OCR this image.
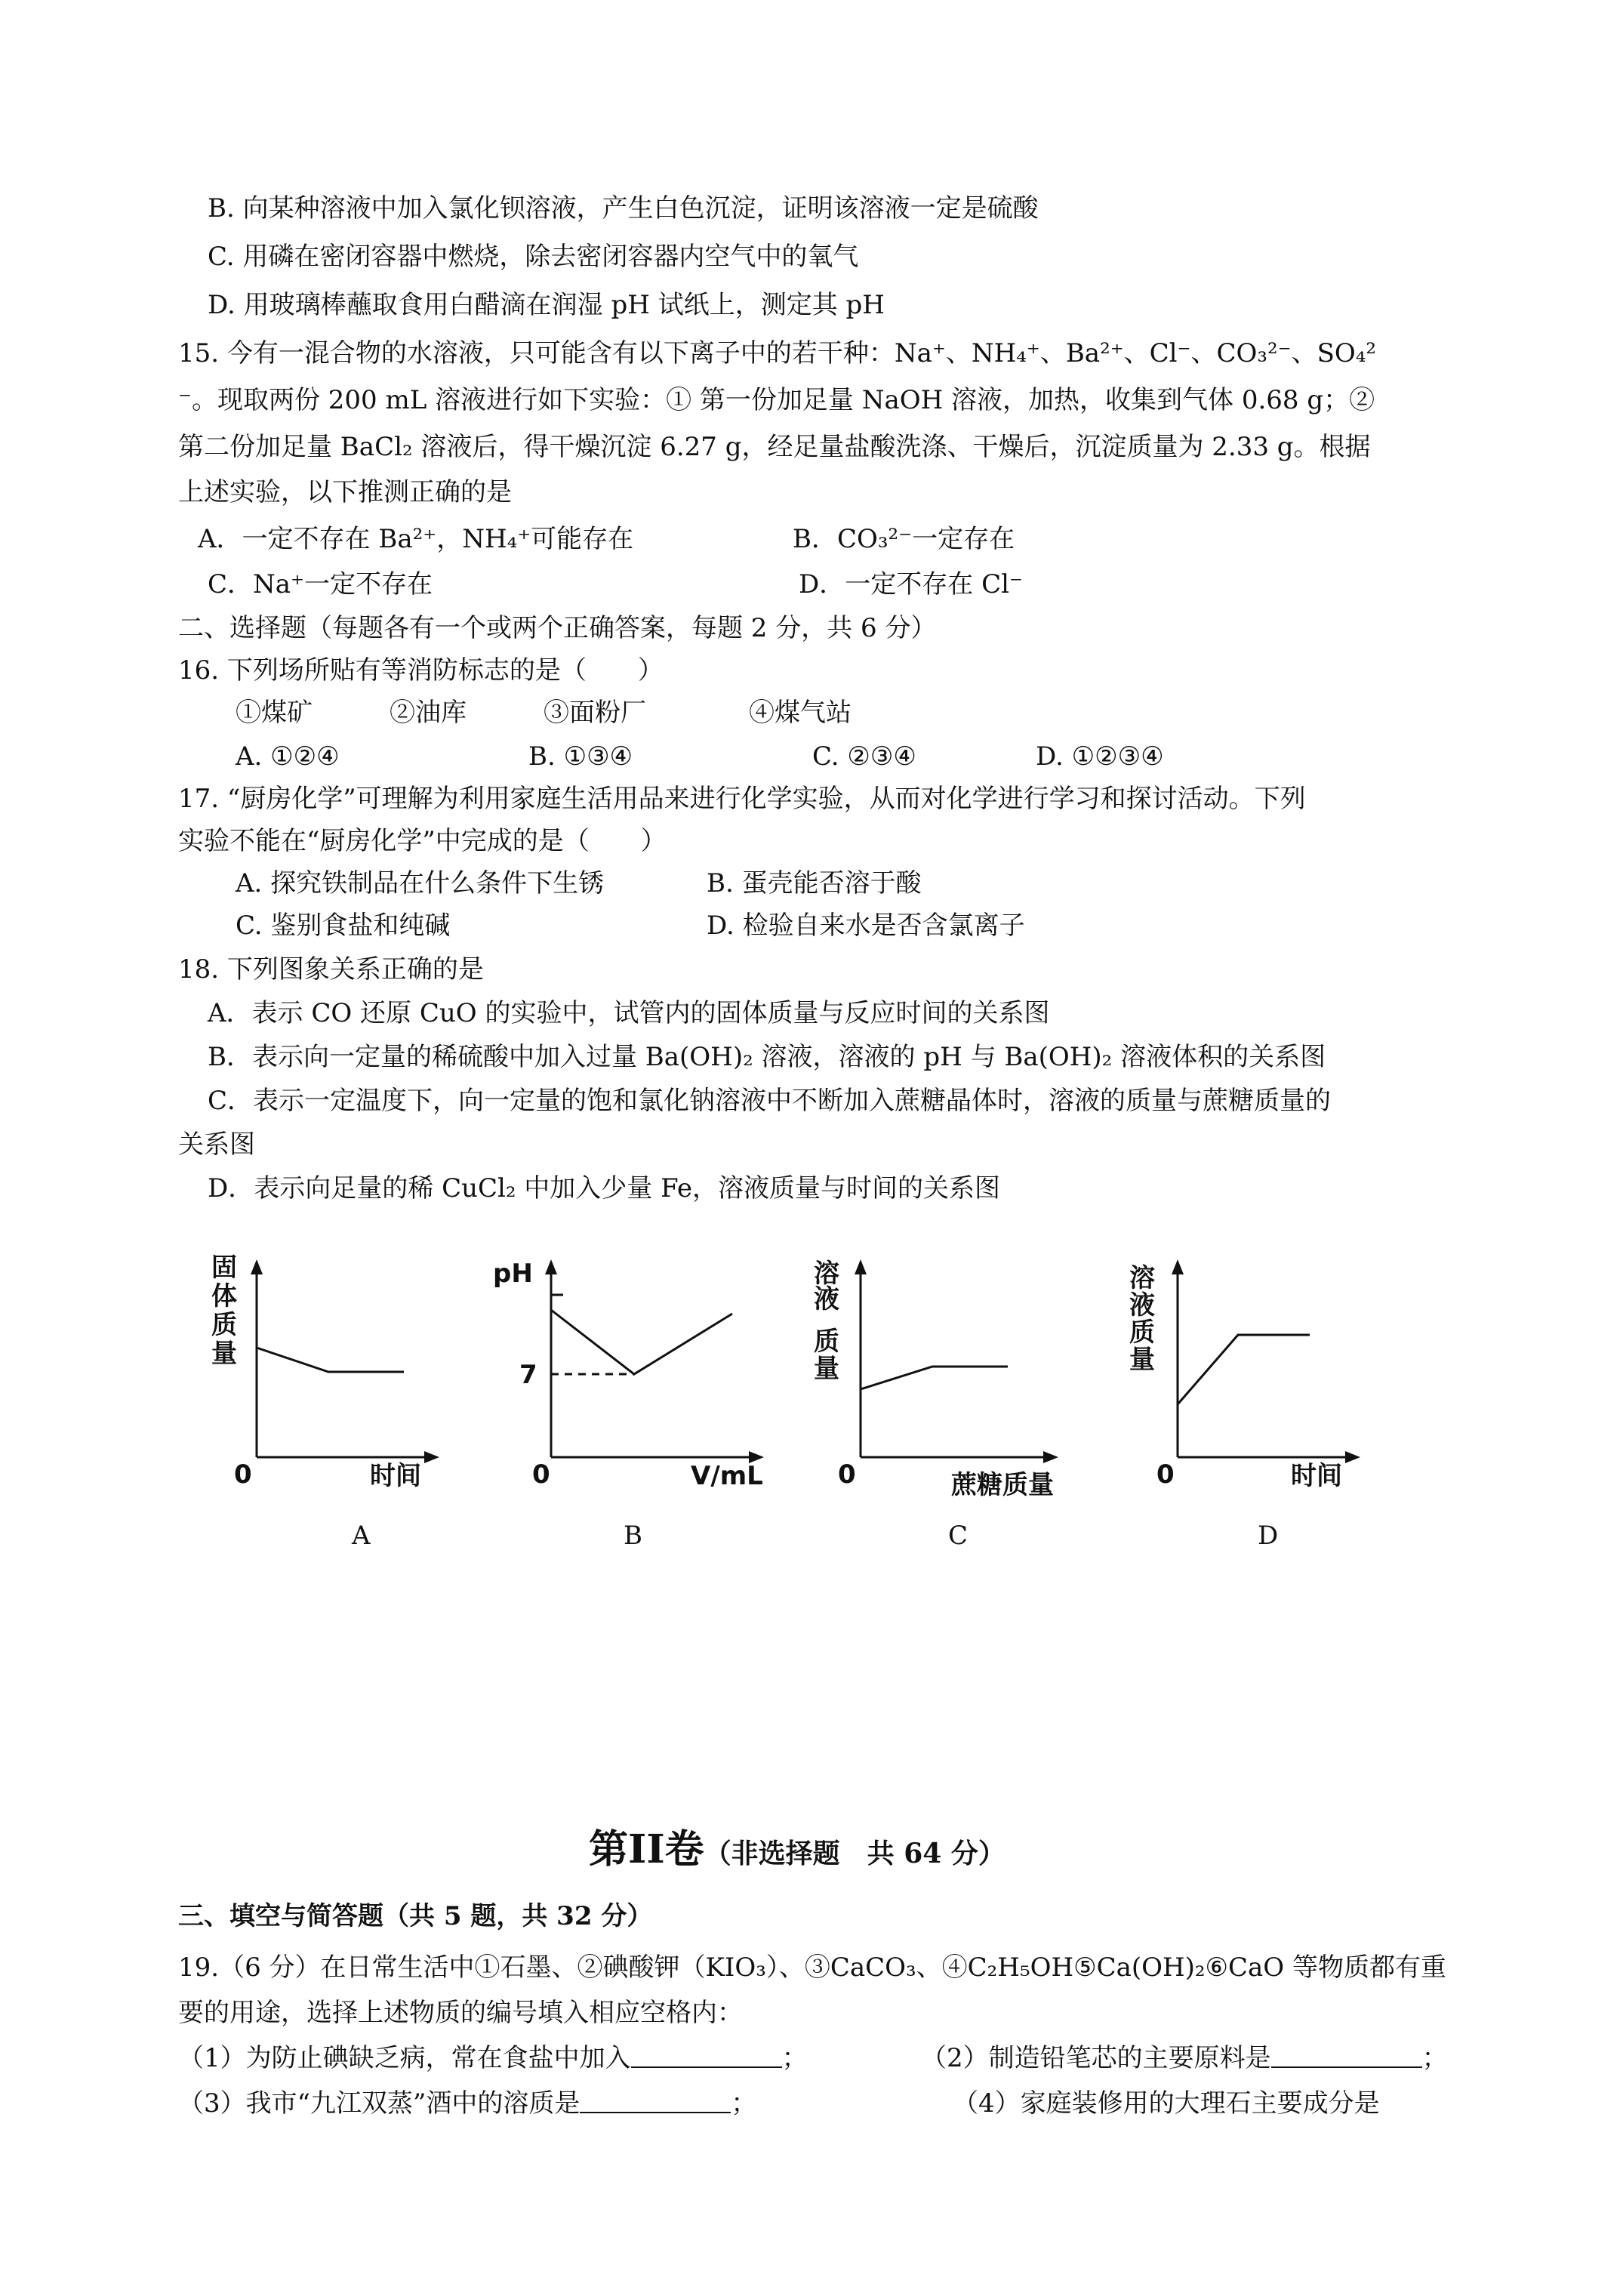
B. 向某种溶液中加入氯化钡溶液，产生白色沉淀，证明该溶液一定是硫酸
C. 用磷在密闭容器中燃烧，除去密闭容器内空气中的氧气
D. 用玻璃棒蘸取食用白醋滴在润湿 pH 试纸上，测定其 pH
15. 今有一混合物的水溶液，只可能含有以下离子中的若干种：Na⁺、NH₄⁺、Ba²⁺、Cl⁻、CO₃²⁻、SO₄²
⁻。现取两份 200 mL 溶液进行如下实验：① 第一份加足量 NaOH 溶液，加热，收集到气体 0.68 g；②
第二份加足量 BaCl₂ 溶液后，得干燥沉淀 6.27 g，经足量盐酸洗涤、干燥后，沉淀质量为 2.33 g。根据
上述实验，以下推测正确的是
A．一定不存在 Ba²⁺，NH₄⁺可能存在	B．CO₃²⁻一定存在
C．Na⁺一定不存在	D．一定不存在 Cl⁻
二、选择题（每题各有一个或两个正确答案，每题 2 分，共 6 分）
16. 下列场所贴有等消防标志的是（　　）
①煤矿　　　②油库　　　③面粉厂　　　　④煤气站
A. ①②④	B. ①③④	C. ②③④	D. ①②③④
17. “厨房化学”可理解为利用家庭生活用品来进行化学实验，从而对化学进行学习和探讨活动。下列
实验不能在“厨房化学”中完成的是（　　）
A. 探究铁制品在什么条件下生锈	B. 蛋壳能否溶于酸
C. 鉴别食盐和纯碱	D. 检验自来水是否含氯离子
18. 下列图象关系正确的是
A．表示 CO 还原 CuO 的实验中，试管内的固体质量与反应时间的关系图
B．表示向一定量的稀硫酸中加入过量 Ba(OH)₂ 溶液，溶液的 pH 与 Ba(OH)₂ 溶液体积的关系图
C．表示一定温度下，向一定量的饱和氯化钠溶液中不断加入蔗糖晶体时，溶液的质量与蔗糖质量的
关系图
D．表示向足量的稀 CuCl₂ 中加入少量 Fe，溶液质量与时间的关系图
固
体
质
量
0	时间
A
pH
7
0	V/mL
B
溶
液
质
量
0	蔗糖质量
C
溶
液
质
量
0	时间
D
第II卷（非选择题　共 64 分）
三、填空与简答题（共 5 题，共 32 分）
19.（6 分）在日常生活中①石墨、②碘酸钾（KIO₃）、③CaCO₃、④C₂H₅OH⑤Ca(OH)₂⑥CaO 等物质都有重
要的用途，选择上述物质的编号填入相应空格内：
（1）为防止碘缺乏病，常在食盐中加入	；	（2）制造铅笔芯的主要原料是	；
（3）我市“九江双蒸”酒中的溶质是	；	（4）家庭装修用的大理石主要成分是
